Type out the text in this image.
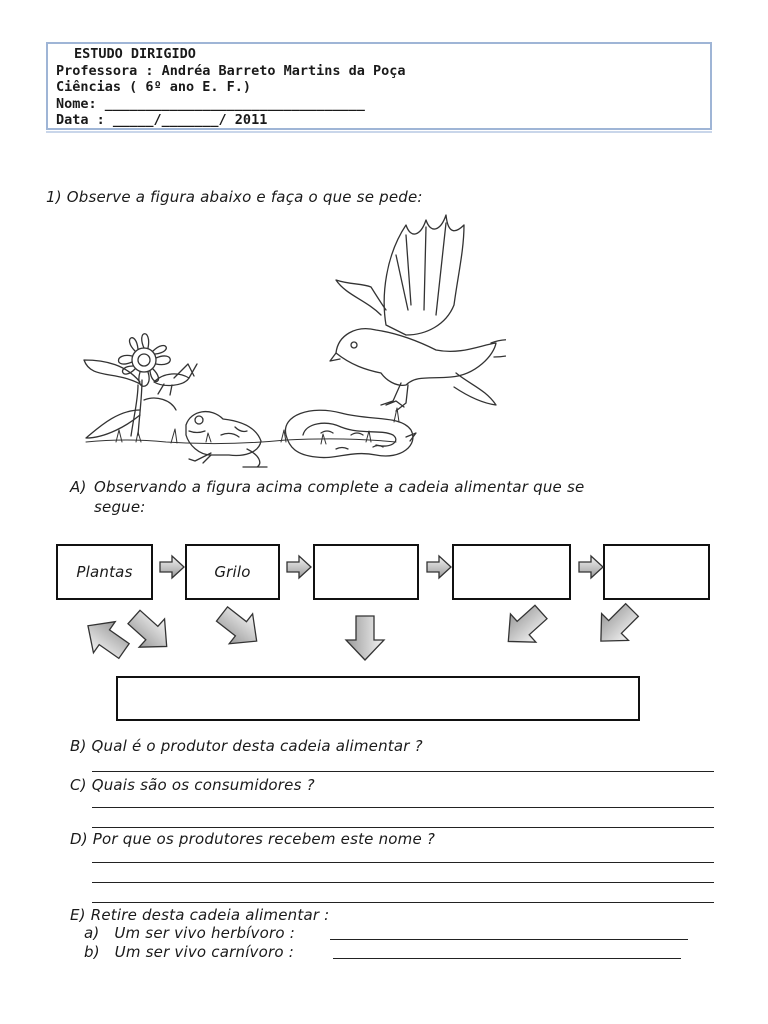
ESTUDO DIRIGIDO
Professora : Andréa Barreto Martins da Poça
Ciências ( 6º ano E. F.)
Nome: ________________________________
Data : _____/_______/ 2011
1) Observe a figura abaixo e faça o que se pede:
A) Observando a figura acima complete a cadeia alimentar que se
segue:
Plantas	Grilo
B) Qual é o produtor desta cadeia alimentar ?
C) Quais são os consumidores ?
D) Por que os produtores recebem este nome ?
E) Retire desta cadeia alimentar :
a)   Um ser vivo herbívoro :
b)   Um ser vivo carnívoro :
